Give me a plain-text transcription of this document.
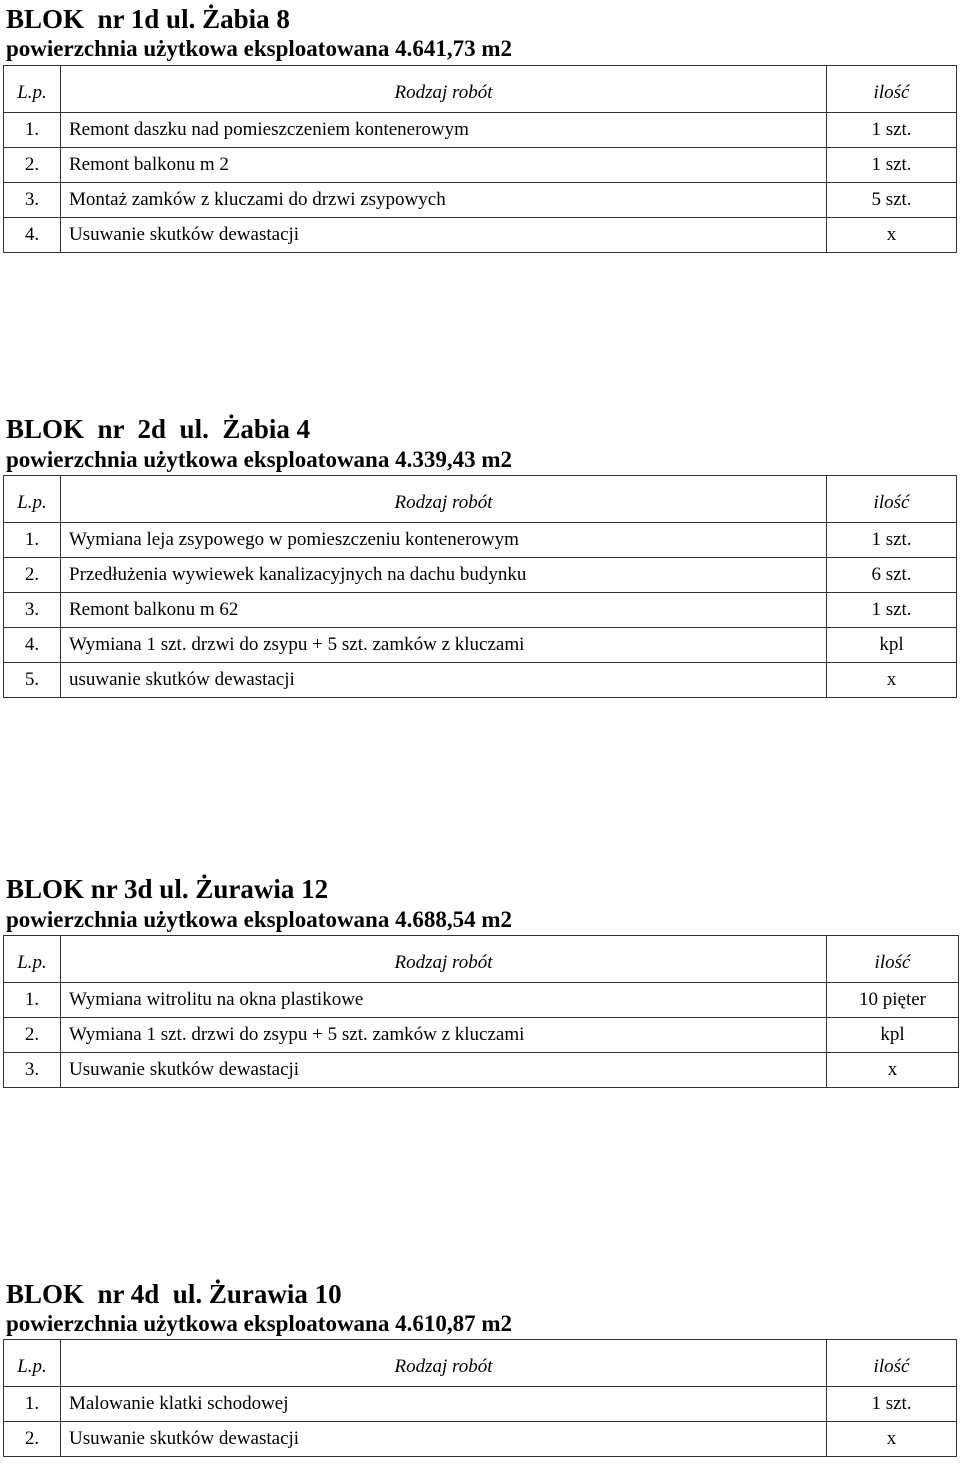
BLOK  nr 1d ul. Żabia 8
powierzchnia użytkowa eksploatowana 4.641,73 m2
L.p.	Rodzaj robót	ilość
1.	Remont daszku nad pomieszczeniem kontenerowym	1 szt.
2.	Remont balkonu m 2	1 szt.
3.	Montaż zamków z kluczami do drzwi zsypowych	5 szt.
4.	Usuwanie skutków dewastacji	x
BLOK  nr  2d  ul.  Żabia 4
powierzchnia użytkowa eksploatowana 4.339,43 m2
L.p.	Rodzaj robót	ilość
1.	Wymiana leja zsypowego w pomieszczeniu kontenerowym	1 szt.
2.	Przedłużenia wywiewek kanalizacyjnych na dachu budynku	6 szt.
3.	Remont balkonu m 62	1 szt.
4.	Wymiana 1 szt. drzwi do zsypu + 5 szt. zamków z kluczami	kpl
5.	usuwanie skutków dewastacji	x
BLOK nr 3d ul. Żurawia 12
powierzchnia użytkowa eksploatowana 4.688,54 m2
L.p.	Rodzaj robót	ilość
1.	Wymiana witrolitu na okna plastikowe	10 pięter
2.	Wymiana 1 szt. drzwi do zsypu + 5 szt. zamków z kluczami	kpl
3.	Usuwanie skutków dewastacji	x
BLOK  nr 4d  ul. Żurawia 10
powierzchnia użytkowa eksploatowana 4.610,87 m2
L.p.	Rodzaj robót	ilość
1.	Malowanie klatki schodowej	1 szt.
2.	Usuwanie skutków dewastacji	x
